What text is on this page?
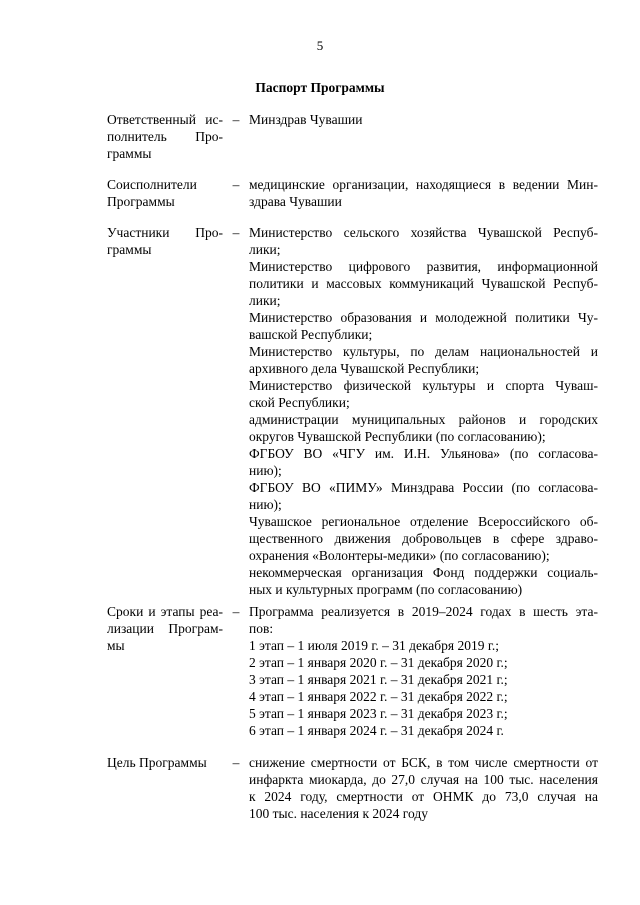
5
Паспорт Программы
Ответственный ис-
полнитель Про-
граммы
– Минздрав Чувашии
Соисполнители
Программы
– медицинские организации, находящиеся в ведении Мин-
здрава Чувашии
Участники Про-
граммы
– Министерство сельского хозяйства Чувашской Респуб-
лики;
Министерство цифрового развития, информационной
политики и массовых коммуникаций Чувашской Респуб-
лики;
Министерство образования и молодежной политики Чу-
вашской Республики;
Министерство культуры, по делам национальностей и
архивного дела Чувашской Республики;
Министерство физической культуры и спорта Чуваш-
ской Республики;
администрации муниципальных районов и городских
округов Чувашской Республики (по согласованию);
ФГБОУ ВО «ЧГУ им. И.Н. Ульянова» (по согласова-
нию);
ФГБОУ ВО «ПИМУ» Минздрава России (по согласова-
нию);
Чувашское региональное отделение Всероссийского об-
щественного движения добровольцев в сфере здраво-
охранения «Волонтеры-медики» (по согласованию);
некоммерческая организация Фонд поддержки социаль-
ных и культурных программ (по согласованию)
Сроки и этапы реа-
лизации Програм-
мы
– Программа реализуется в 2019–2024 годах в шесть эта-
пов:
1 этап – 1 июля 2019 г. – 31 декабря 2019 г.;
2 этап – 1 января 2020 г. – 31 декабря 2020 г.;
3 этап – 1 января 2021 г. – 31 декабря 2021 г.;
4 этап – 1 января 2022 г. – 31 декабря 2022 г.;
5 этап – 1 января 2023 г. – 31 декабря 2023 г.;
6 этап – 1 января 2024 г. – 31 декабря 2024 г.
Цель Программы	– снижение смертности от БСК, в том числе смертности от
инфаркта миокарда, до 27,0 случая на 100 тыс. населения
к 2024 году, смертности от ОНМК до 73,0 случая на
100 тыс. населения к 2024 году
